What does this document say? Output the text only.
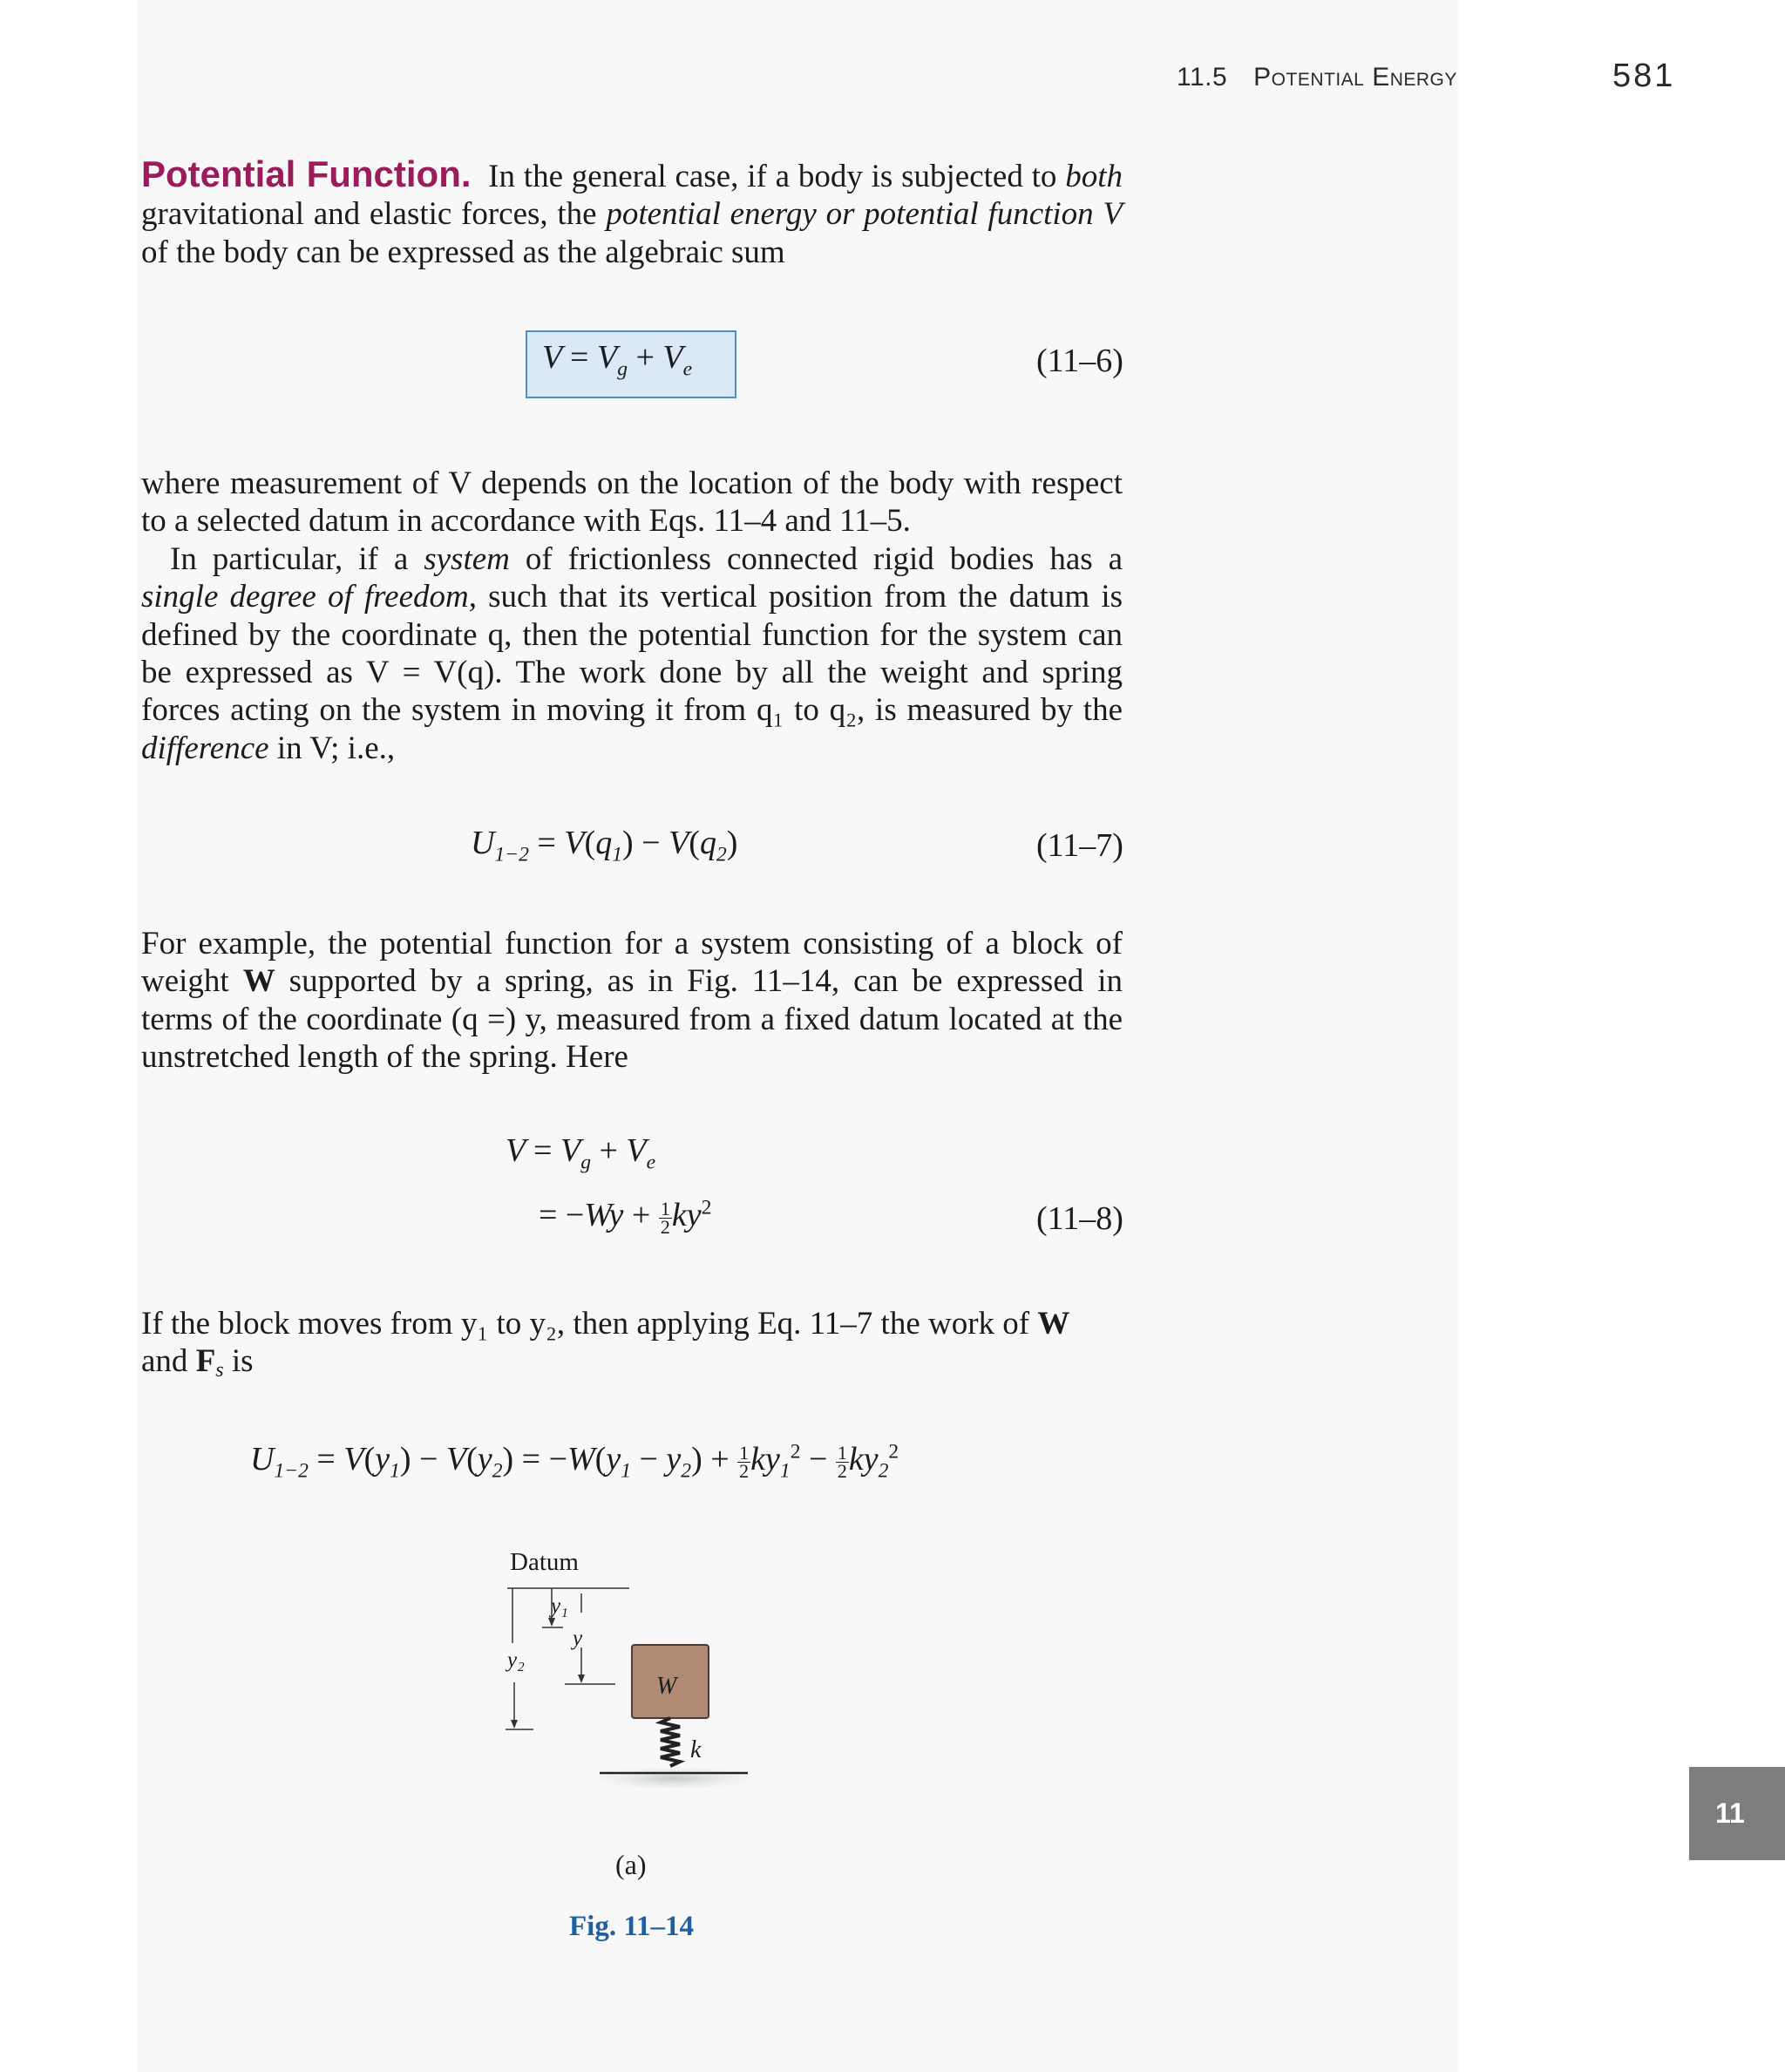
11.5 Potential Energy	581

Potential Function. In the general case, if a body is subjected to both gravitational and elastic forces, the potential energy or potential function V of the body can be expressed as the algebraic sum

$V = V_g + V_e$	(11–6)

where measurement of V depends on the location of the body with respect to a selected datum in accordance with Eqs. 11–4 and 11–5.

In particular, if a system of frictionless connected rigid bodies has a single degree of freedom, such that its vertical position from the datum is defined by the coordinate q, then the potential function for the system can be expressed as V = V(q). The work done by all the weight and spring forces acting on the system in moving it from q₁ to q₂, is measured by the difference in V; i.e.,

$U_{1-2} = V(q_1) - V(q_2)$	(11–7)

For example, the potential function for a system consisting of a block of weight W supported by a spring, as in Fig. 11–14, can be expressed in terms of the coordinate (q =) y, measured from a fixed datum located at the unstretched length of the spring. Here

$V = V_g + V_e$
= $-Wy + \frac{1}{2} ky^2$	(11–8)

If the block moves from y₁ to y₂, then applying Eq. 11–7 the work of W
and Fs is

$U_{1-2} = V(y_1) - V(y_2) = -W(y_1 - y_2) + \frac{1}{2} ky_1^2 - \frac{1}{2} ky_2^2$
Datum
y₁
y
y₂
W
k
(a)
Fig. 11–14
11
